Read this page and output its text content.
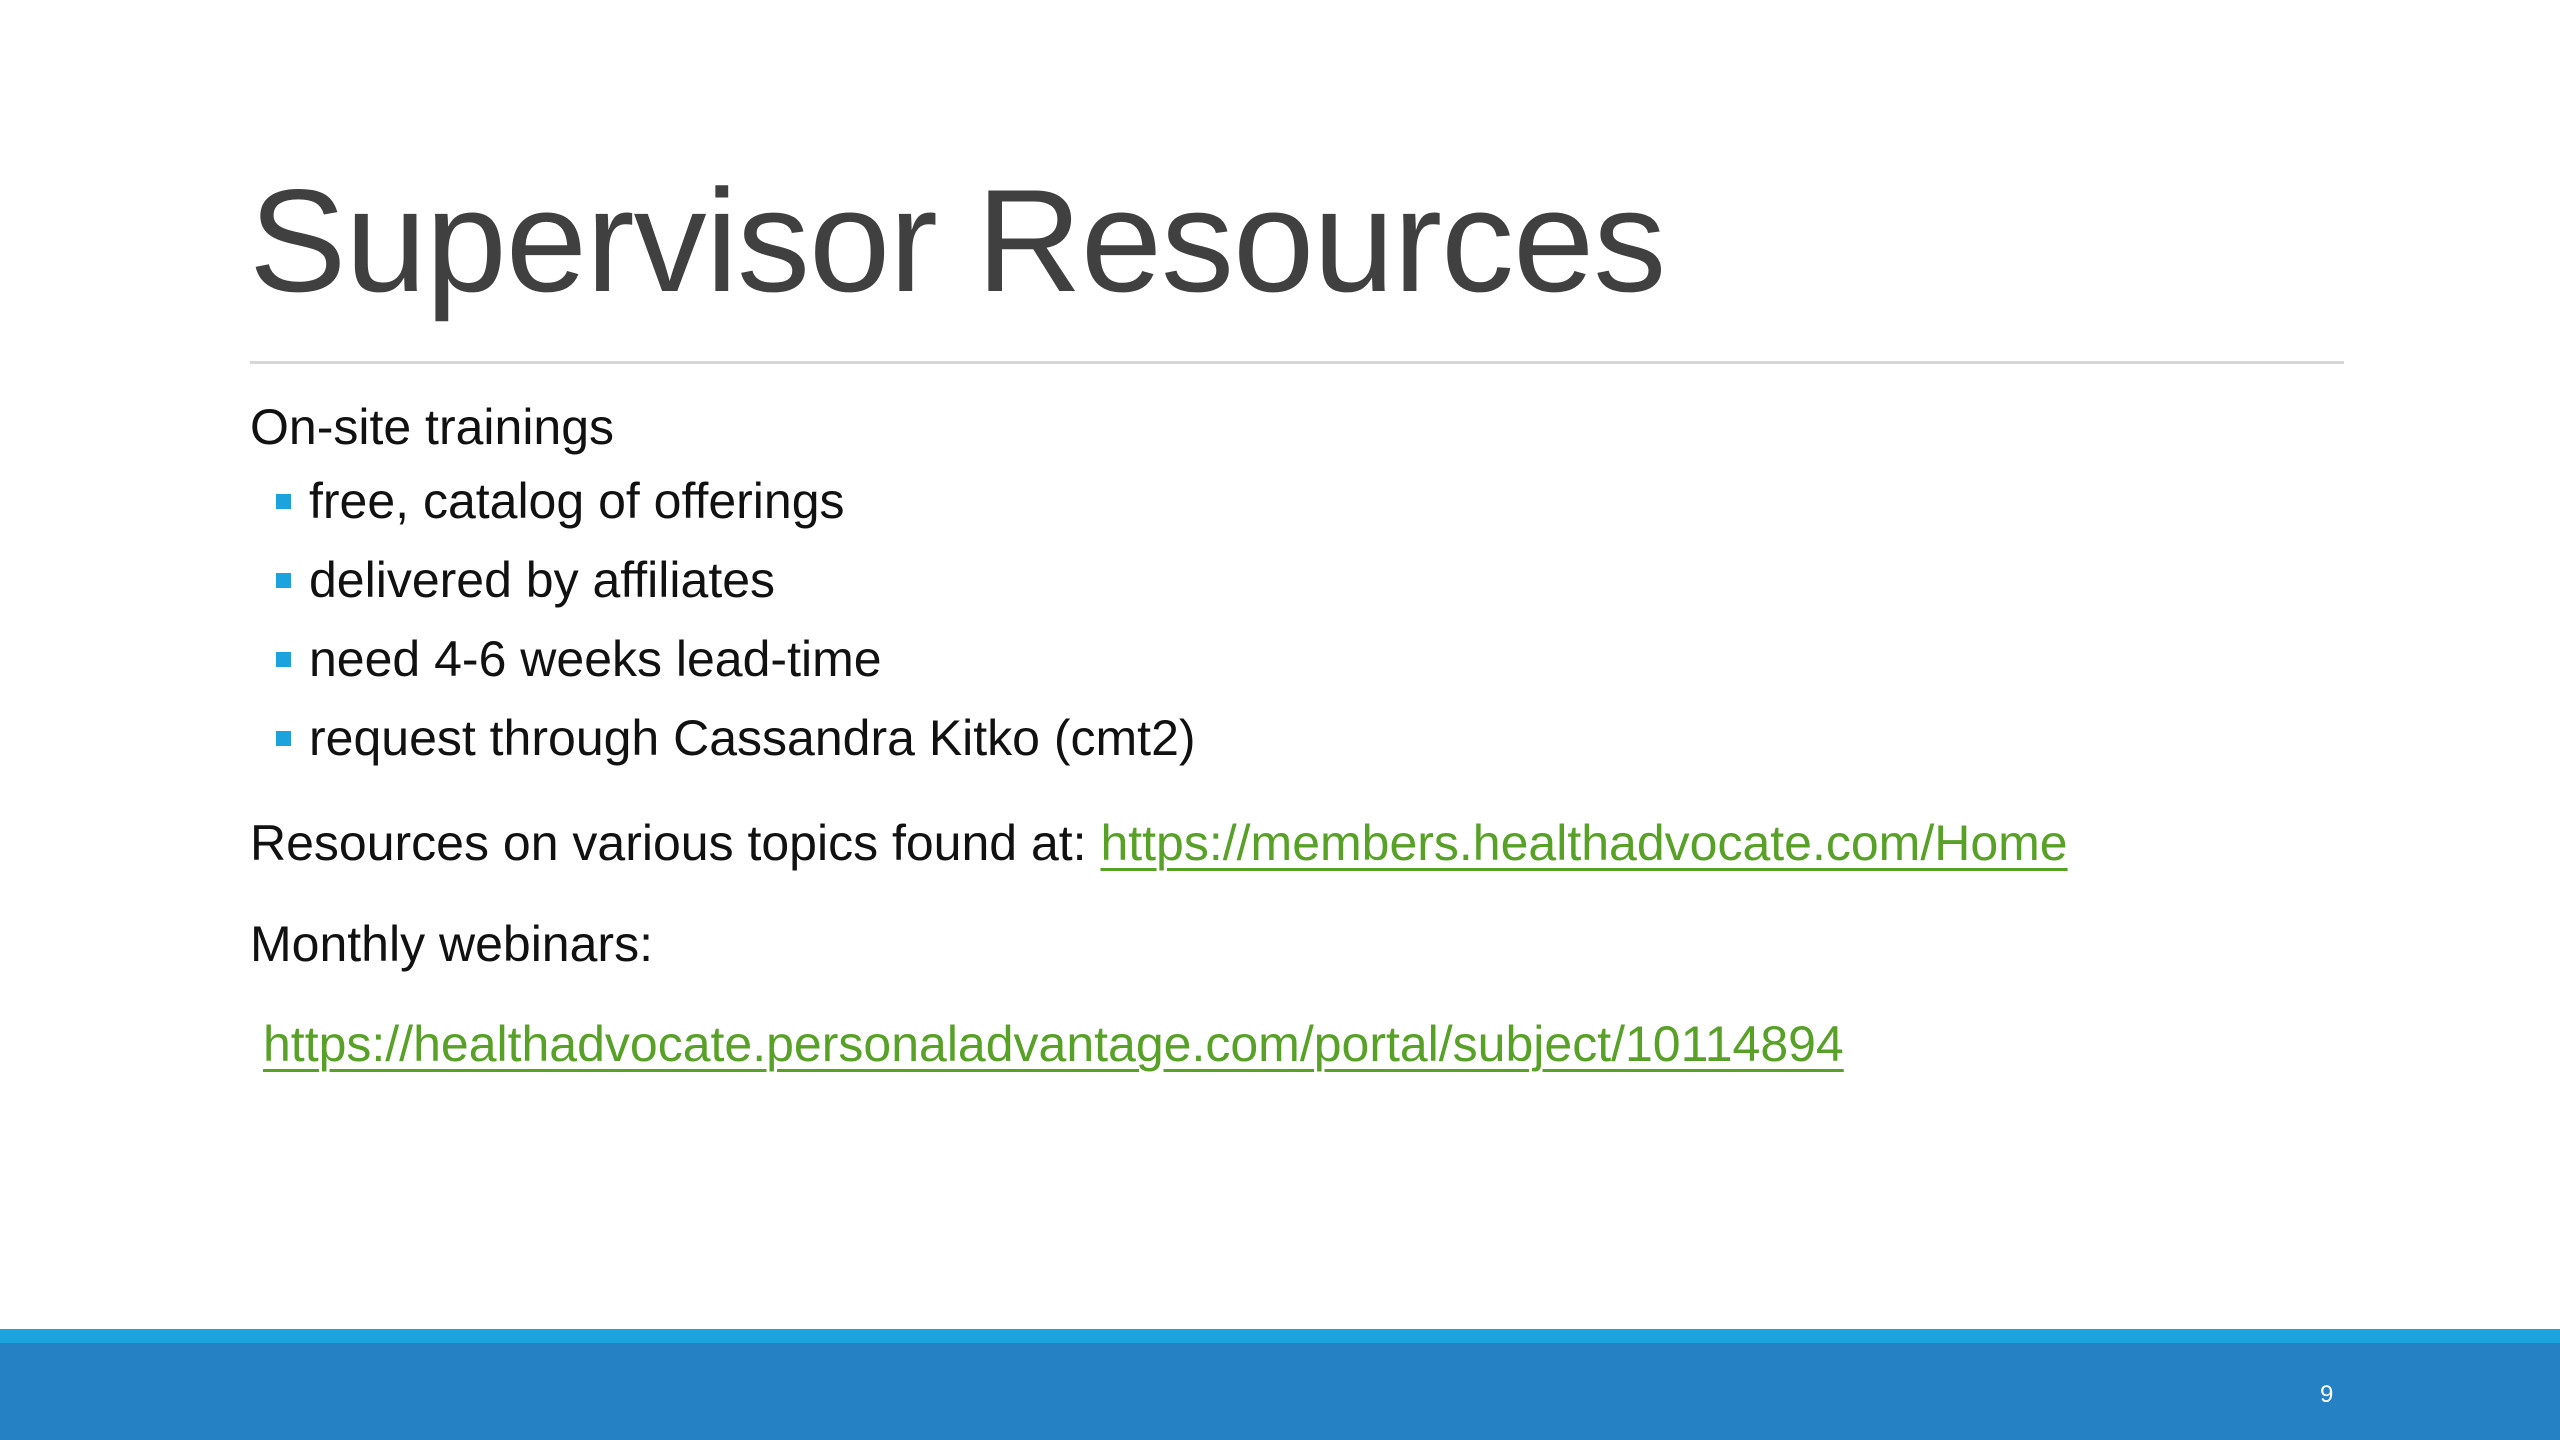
Supervisor Resources
On-site trainings
free, catalog of offerings
delivered by affiliates
need 4-6 weeks lead-time
request through Cassandra Kitko (cmt2)
Resources on various topics found at: https://members.healthadvocate.com/Home
Monthly webinars:
https://healthadvocate.personaladvantage.com/portal/subject/10114894
9
